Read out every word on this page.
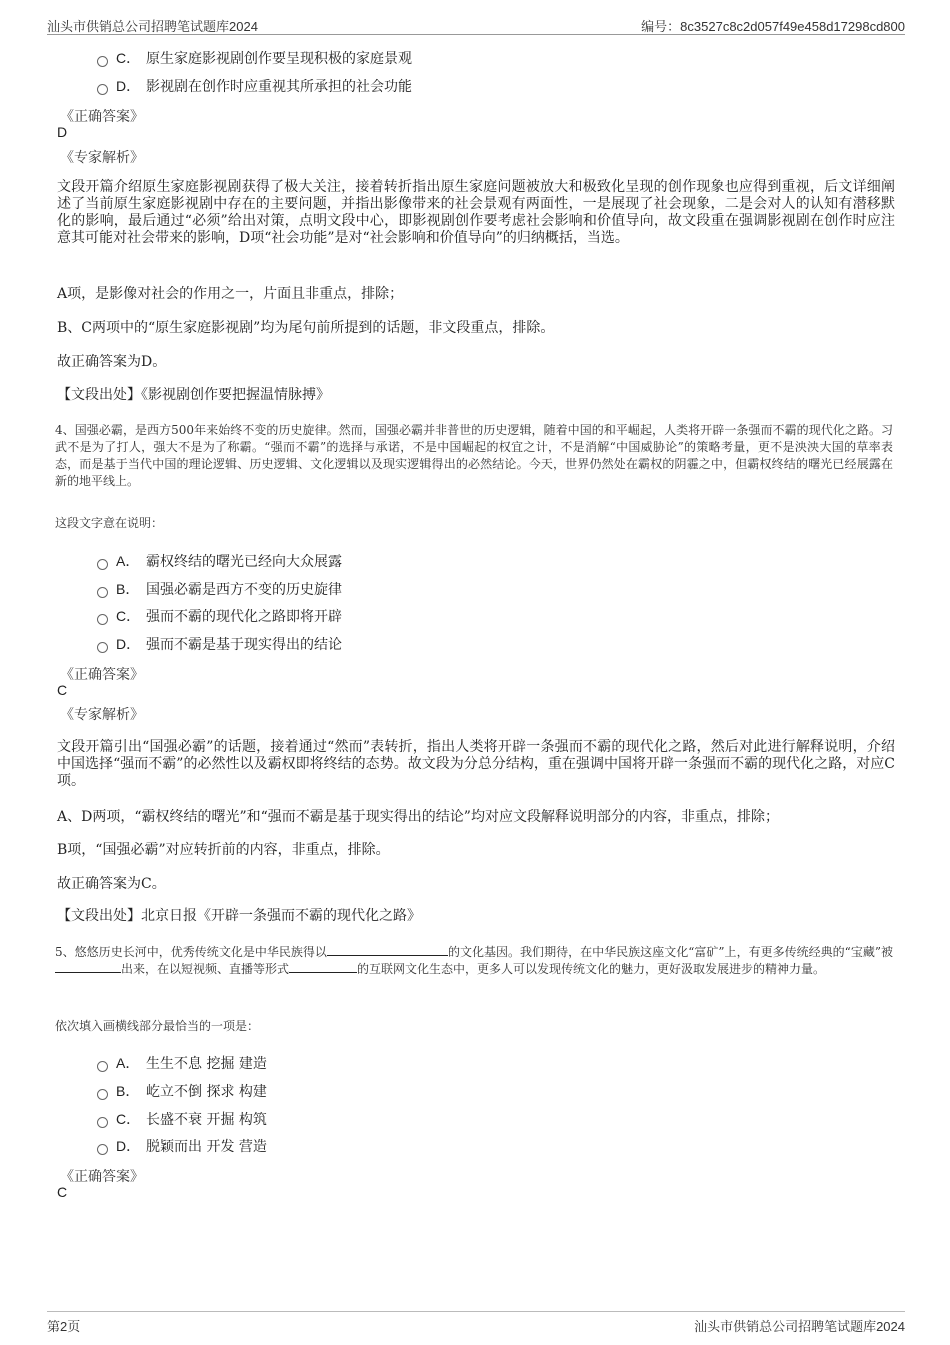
汕头市供销总公司招聘笔试题库2024	编号：8c3527c8c2d057f49e458d17298cd800
C． 原生家庭影视剧创作要呈现积极的家庭景观
D． 影视剧在创作时应重视其所承担的社会功能
《正确答案》
D
《专家解析》
文段开篇介绍原生家庭影视剧获得了极大关注，接着转折指出原生家庭问题被放大和极致化呈现的创作现象也应得到重视，后文详细阐述了当前原生家庭影视剧中存在的主要问题，并指出影像带来的社会景观有两面性，一是展现了社会现象，二是会对人的认知有潜移默化的影响，最后通过“必须”给出对策，点明文段中心，即影视剧创作要考虑社会影响和价值导向，故文段重在强调影视剧在创作时应注意其可能对社会带来的影响，D项“社会功能”是对“社会影响和价值导向”的归纳概括，当选。
A项，是影像对社会的作用之一，片面且非重点，排除；
B、C两项中的“原生家庭影视剧”均为尾句前所提到的话题，非文段重点，排除。
故正确答案为D。
【文段出处】《影视剧创作要把握温情脉搏》
4、国强必霸，是西方500年来始终不变的历史旋律。然而，国强必霸并非普世的历史逻辑，随着中国的和平崛起，人类将开辟一条强而不霸的现代化之路。习武不是为了打人，强大不是为了称霸。“强而不霸”的选择与承诺，不是中国崛起的权宜之计，不是消解“中国威胁论”的策略考量，更不是泱泱大国的草率表态，而是基于当代中国的理论逻辑、历史逻辑、文化逻辑以及现实逻辑得出的必然结论。今天，世界仍然处在霸权的阴霾之中，但霸权终结的曙光已经展露在新的地平线上。
这段文字意在说明：
A． 霸权终结的曙光已经向大众展露
B． 国强必霸是西方不变的历史旋律
C． 强而不霸的现代化之路即将开辟
D． 强而不霸是基于现实得出的结论
《正确答案》
C
《专家解析》
文段开篇引出“国强必霸”的话题，接着通过“然而”表转折，指出人类将开辟一条强而不霸的现代化之路，然后对此进行解释说明，介绍中国选择“强而不霸”的必然性以及霸权即将终结的态势。故文段为分总分结构，重在强调中国将开辟一条强而不霸的现代化之路，对应C项。
A、D两项，“霸权终结的曙光”和“强而不霸是基于现实得出的结论”均对应文段解释说明部分的内容，非重点，排除；
B项，“国强必霸”对应转折前的内容，非重点，排除。
故正确答案为C。
【文段出处】北京日报《开辟一条强而不霸的现代化之路》
5、悠悠历史长河中，优秀传统文化是中华民族得以	的文化基因。我们期待，在中华民族这座文化“富矿”上，有更多传统经典的“宝藏”被出来，在以短视频、直播等形式	的互联网文化生态中，更多人可以发现传统文化的魅力，更好汲取发展进步的精神力量。
依次填入画横线部分最恰当的一项是：
A． 生生不息 挖掘 建造
B． 屹立不倒 探求 构建
C． 长盛不衰 开掘 构筑
D． 脱颖而出 开发 营造
《正确答案》
C
第2页	汕头市供销总公司招聘笔试题库2024
